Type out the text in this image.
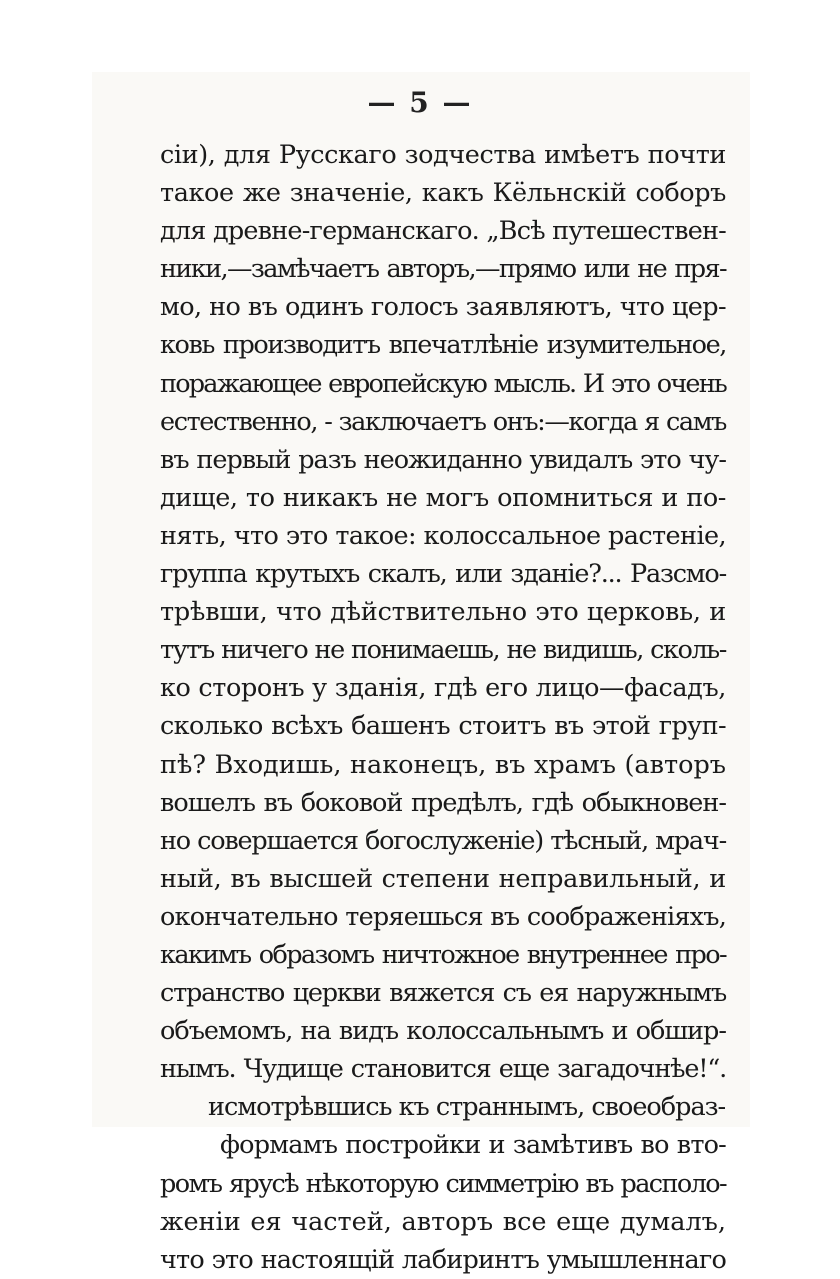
— 5 —
сіи), для Русскаго зодчества имѣетъ почти
такое же значеніе, какъ Кёльнскій соборъ
для древне-германскаго. „Всѣ путешествен-
ники,—замѣчаетъ авторъ,—прямо или не пря-
мо, но въ одинъ голосъ заявляютъ, что цер-
ковь производитъ впечатлѣніе изумительное,
поражающее европейскую мысль. И это очень
естественно, - заключаетъ онъ:—когда я самъ
въ первый разъ неожиданно увидалъ это чу-
дище, то никакъ не могъ опомниться и по-
нять, что это такое: колоссальное растеніе,
группа крутыхъ скалъ, или зданіе?... Разсмо-
трѣвши, что дѣйствительно это церковь, и
тутъ ничего не понимаешь, не видишь, сколь-
ко сторонъ у зданія, гдѣ его лицо—фасадъ,
сколько всѣхъ башенъ стоитъ въ этой груп-
пѣ? Входишь, наконецъ, въ храмъ (авторъ
вошелъ въ боковой предѣлъ, гдѣ обыкновен-
но совершается богослуженіе) тѣсный, мрач-
ный, въ высшей степени неправильный, и
окончательно теряешься въ соображеніяхъ,
какимъ образомъ ничтожное внутреннее про-
странство церкви вяжется съ ея наружнымъ
объемомъ, на видъ колоссальнымъ и обшир-
нымъ. Чудище становится еще загадочнѣе!“.
исмотрѣвшись къ страннымъ, своеобраз-
формамъ постройки и замѣтивъ во вто-
ромъ ярусѣ нѣкоторую симметрію въ располо-
женіи ея частей, авторъ все еще думалъ,
что это настоящій лабиринтъ умышленнаго
